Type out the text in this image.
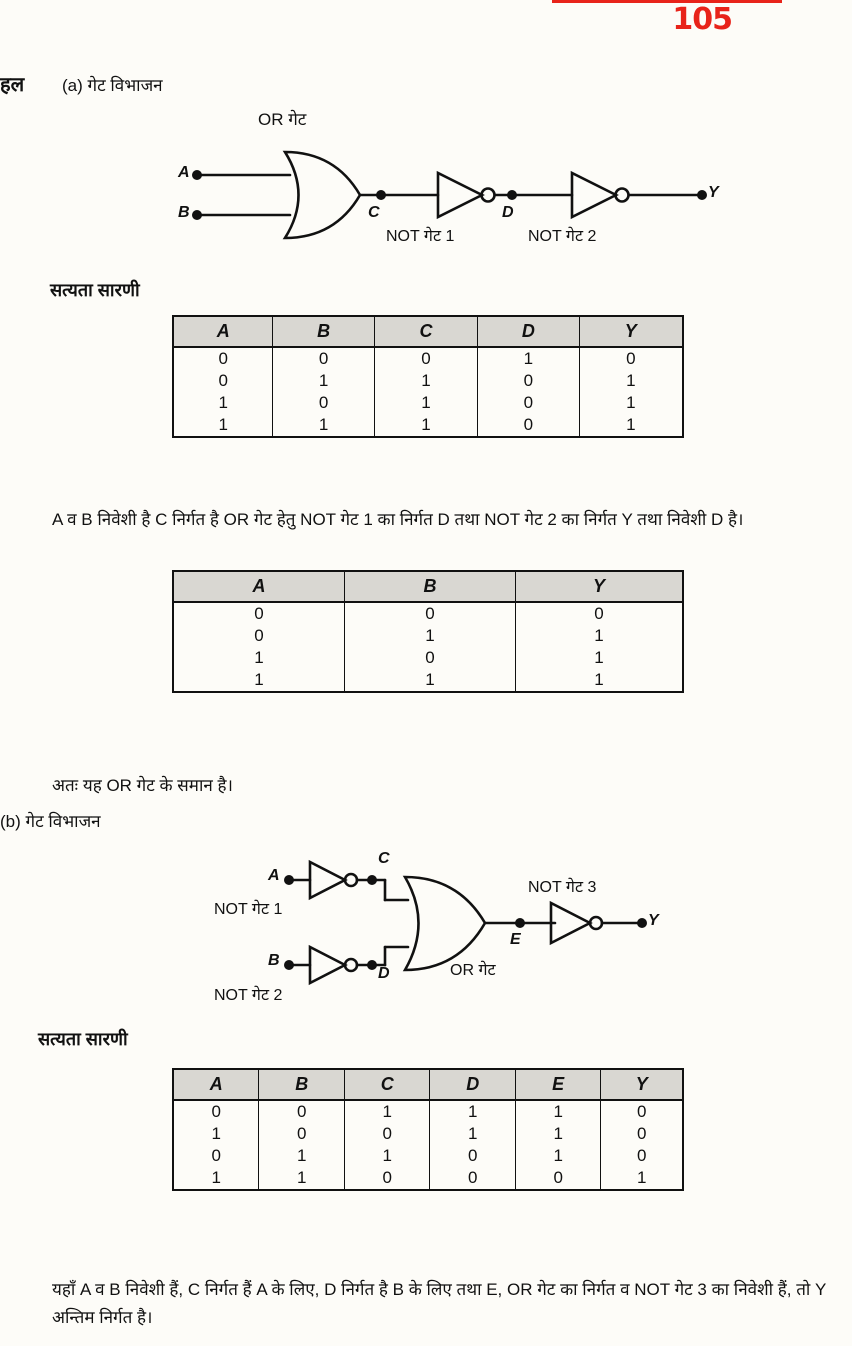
105
हल (a) गेट विभाजन
OR गेट
A
B	C	D
Y
NOT गेट 1	NOT गेट 2
सत्यता सारणी
A	B	C	D	Y
0	0	0	1	0
0	1	1	0	1
1	0	1	0	1
1	1	1	0	1
A व B निवेशी है C निर्गत है OR गेट हेतु NOT गेट 1 का निर्गत D तथा NOT गेट 2 का निर्गत Y तथा निवेशी D है।
A	B	Y
0	0	0
0	1	1
1	0	1
1	1	1
अतः यह OR गेट के समान है।
(b) गेट विभाजन
A
B
C
D
E
Y
NOT गेट 1
NOT गेट 2
NOT गेट 3
OR गेट
सत्यता सारणी
A	B	C	D	E	Y
0	0	1	1	1	0
1	0	0	1	1	0
0	1	1	0	1	0
1	1	0	0	0	1
यहाँ A व B निवेशी हैं, C निर्गत हैं A के लिए, D निर्गत है B के लिए तथा E, OR गेट का निर्गत व NOT गेट 3 का निवेशी हैं, तो Y अन्तिम निर्गत है।
